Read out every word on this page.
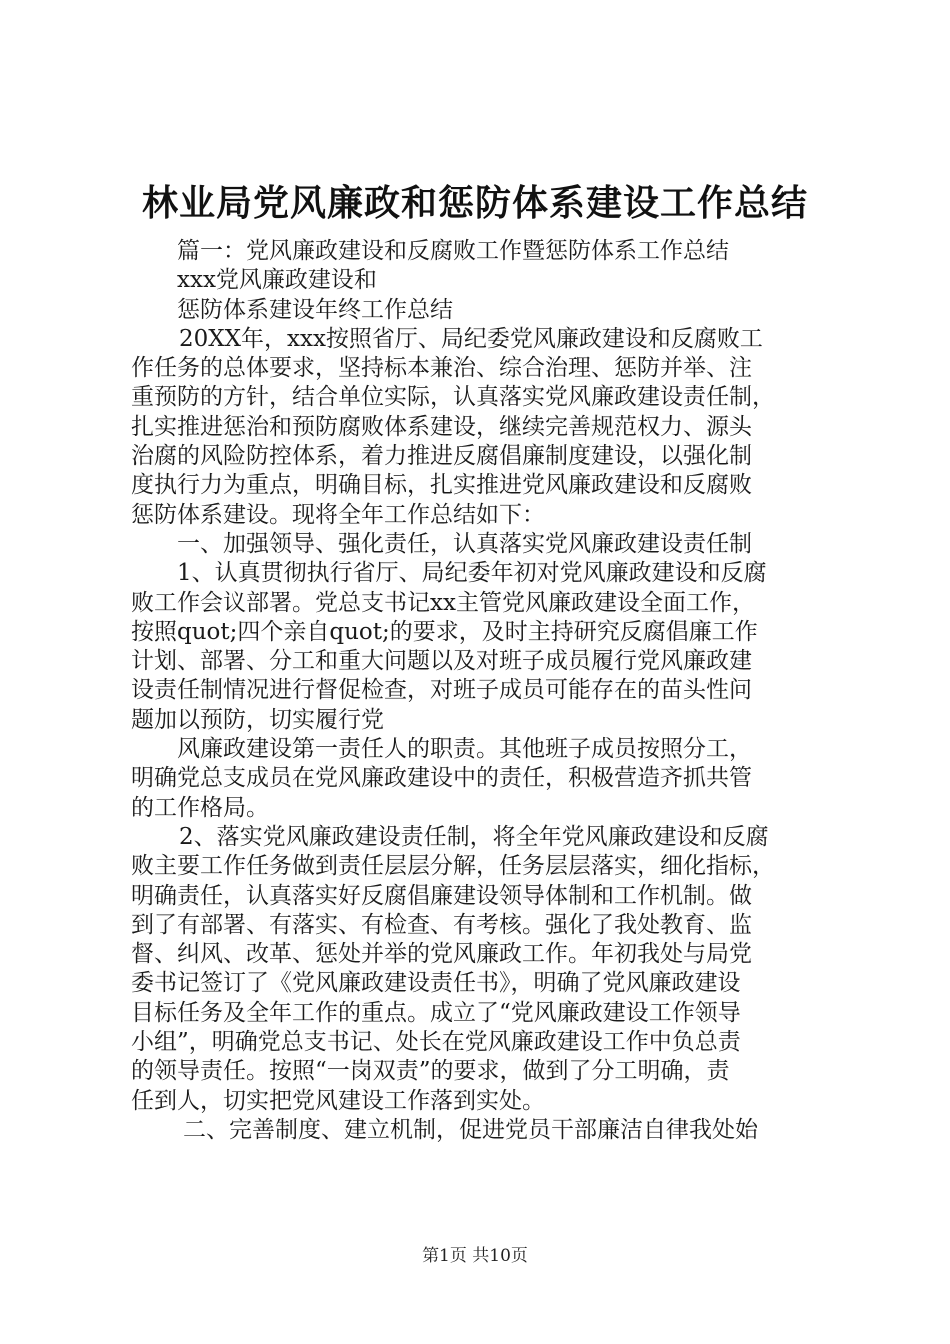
林业局党风廉政和惩防体系建设工作总结
篇一：党风廉政建设和反腐败工作暨惩防体系工作总结
xxx党风廉政建设和
惩防体系建设年终工作总结
20XX年，xxx按照省厅、局纪委党风廉政建设和反腐败工
作任务的总体要求，坚持标本兼治、综合治理、惩防并举、注
重预防的方针，结合单位实际，认真落实党风廉政建设责任制，
扎实推进惩治和预防腐败体系建设，继续完善规范权力、源头
治腐的风险防控体系，着力推进反腐倡廉制度建设，以强化制
度执行力为重点，明确目标，扎实推进党风廉政建设和反腐败
惩防体系建设。现将全年工作总结如下：
一、加强领导、强化责任，认真落实党风廉政建设责任制
1、认真贯彻执行省厅、局纪委年初对党风廉政建设和反腐
败工作会议部署。党总支书记xx主管党风廉政建设全面工作，
按照quot;四个亲自quot;的要求，及时主持研究反腐倡廉工作
计划、部署、分工和重大问题以及对班子成员履行党风廉政建
设责任制情况进行督促检查，对班子成员可能存在的苗头性问
题加以预防，切实履行党
风廉政建设第一责任人的职责。其他班子成员按照分工，
明确党总支成员在党风廉政建设中的责任，积极营造齐抓共管
的工作格局。
2、落实党风廉政建设责任制，将全年党风廉政建设和反腐
败主要工作任务做到责任层层分解，任务层层落实，细化指标，
明确责任，认真落实好反腐倡廉建设领导体制和工作机制。做
到了有部署、有落实、有检查、有考核。强化了我处教育、监
督、纠风、改革、惩处并举的党风廉政工作。年初我处与局党
委书记签订了《党风廉政建设责任书》，明确了党风廉政建设
目标任务及全年工作的重点。成立了“党风廉政建设工作领导
小组”，明确党总支书记、处长在党风廉政建设工作中负总责
的领导责任。按照“一岗双责”的要求，做到了分工明确，责
任到人，切实把党风建设工作落到实处。
二、完善制度、建立机制，促进党员干部廉洁自律我处始
第1页 共10页
